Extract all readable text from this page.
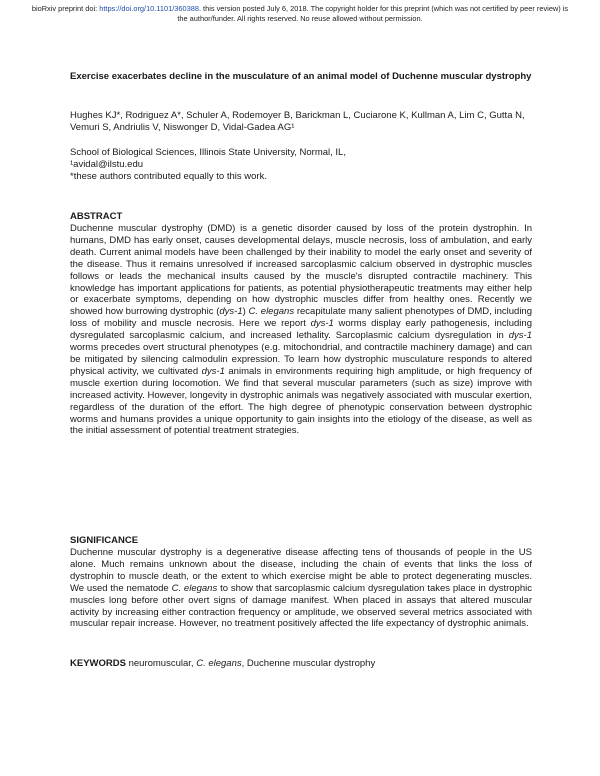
bioRxiv preprint doi: https://doi.org/10.1101/360388. this version posted July 6, 2018. The copyright holder for this preprint (which was not certified by peer review) is the author/funder. All rights reserved. No reuse allowed without permission.
Exercise exacerbates decline in the musculature of an animal model of Duchenne muscular dystrophy
Hughes KJ*, Rodriguez A*, Schuler A, Rodemoyer B, Barickman L, Cuciarone K, Kullman A, Lim C, Gutta N, Vemuri S, Andriulis V, Niswonger D, Vidal-Gadea AG¹
School of Biological Sciences, Illinois State University, Normal, IL,
¹avidal@ilstu.edu
*these authors contributed equally to this work.
ABSTRACT
Duchenne muscular dystrophy (DMD) is a genetic disorder caused by loss of the protein dystrophin. In humans, DMD has early onset, causes developmental delays, muscle necrosis, loss of ambulation, and early death. Current animal models have been challenged by their inability to model the early onset and severity of the disease. Thus it remains unresolved if increased sarcoplasmic calcium observed in dystrophic muscles follows or leads the mechanical insults caused by the muscle's disrupted contractile machinery. This knowledge has important applications for patients, as potential physiotherapeutic treatments may either help or exacerbate symptoms, depending on how dystrophic muscles differ from healthy ones. Recently we showed how burrowing dystrophic (dys-1) C. elegans recapitulate many salient phenotypes of DMD, including loss of mobility and muscle necrosis. Here we report dys-1 worms display early pathogenesis, including dysregulated sarcoplasmic calcium, and increased lethality. Sarcoplasmic calcium dysregulation in dys-1 worms precedes overt structural phenotypes (e.g. mitochondrial, and contractile machinery damage) and can be mitigated by silencing calmodulin expression. To learn how dystrophic musculature responds to altered physical activity, we cultivated dys-1 animals in environments requiring high amplitude, or high frequency of muscle exertion during locomotion. We find that several muscular parameters (such as size) improve with increased activity. However, longevity in dystrophic animals was negatively associated with muscular exertion, regardless of the duration of the effort. The high degree of phenotypic conservation between dystrophic worms and humans provides a unique opportunity to gain insights into the etiology of the disease, as well as the initial assessment of potential treatment strategies.
SIGNIFICANCE
Duchenne muscular dystrophy is a degenerative disease affecting tens of thousands of people in the US alone. Much remains unknown about the disease, including the chain of events that links the loss of dystrophin to muscle death, or the extent to which exercise might be able to protect degenerating muscles. We used the nematode C. elegans to show that sarcoplasmic calcium dysregulation takes place in dystrophic muscles long before other overt signs of damage manifest. When placed in assays that altered muscular activity by increasing either contraction frequency or amplitude, we observed several metrics associated with muscular repair increase. However, no treatment positively affected the life expectancy of dystrophic animals.
KEYWORDS neuromuscular, C. elegans, Duchenne muscular dystrophy
